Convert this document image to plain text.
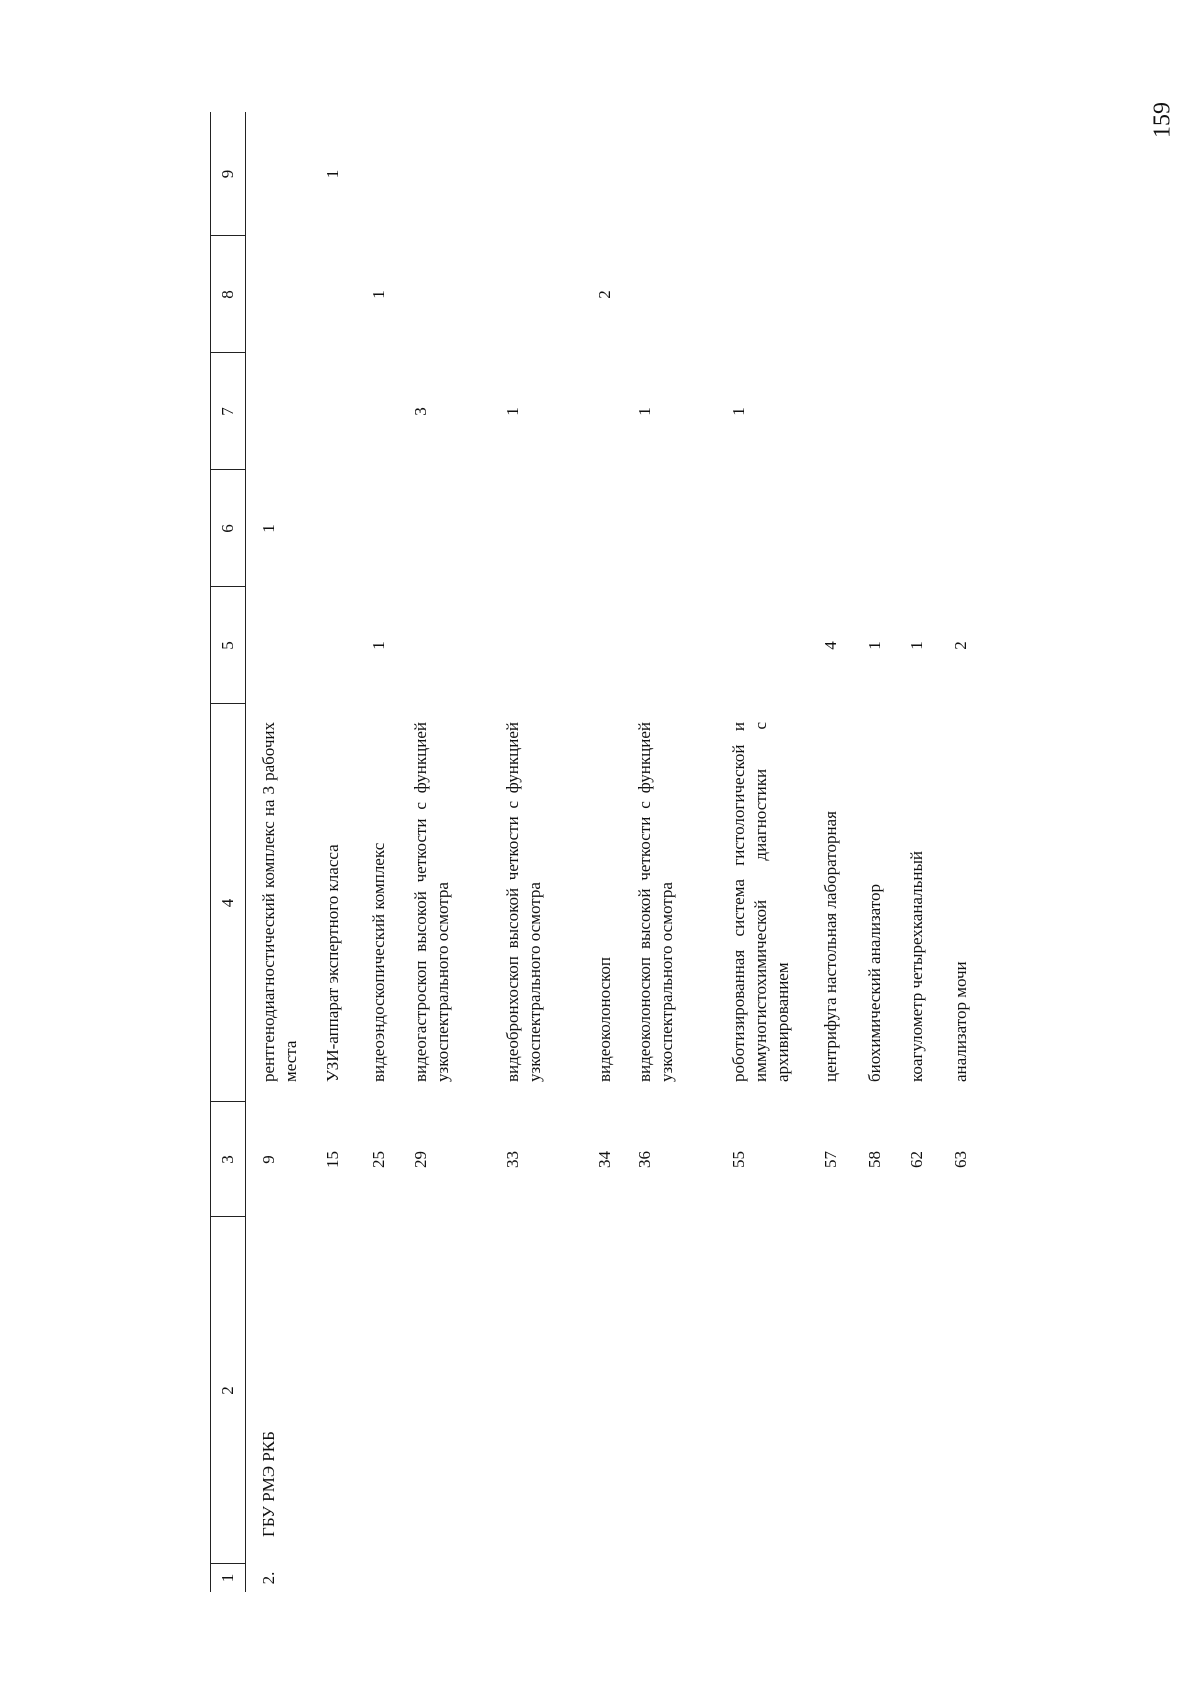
159
1
2
3
4
5
6
7
8
9
2.
ГБУ РМЭ РКБ
9
рентгенодиагностический комплекс на 3 рабочих места
1
15
УЗИ-аппарат экспертного класса
1
25
видеоэндоскопический комплекс
1
1
29
видеогастроскоп высокой четкости с функцией узкоспектрального осмотра
3
33
видеобронхоскоп высокой четкости с функцией узкоспектрального осмотра
1
34
видеоколоноскоп
2
36
видеоколоноскоп высокой четкости с функцией узкоспектрального осмотра
1
55
роботизированная система гистологической и иммуногистохимической диагностики с архивированием
1
57
центрифуга настольная лабораторная
4
58
биохимический анализатор
1
62
коагулометр четырехканальный
1
63
анализатор мочи
2
